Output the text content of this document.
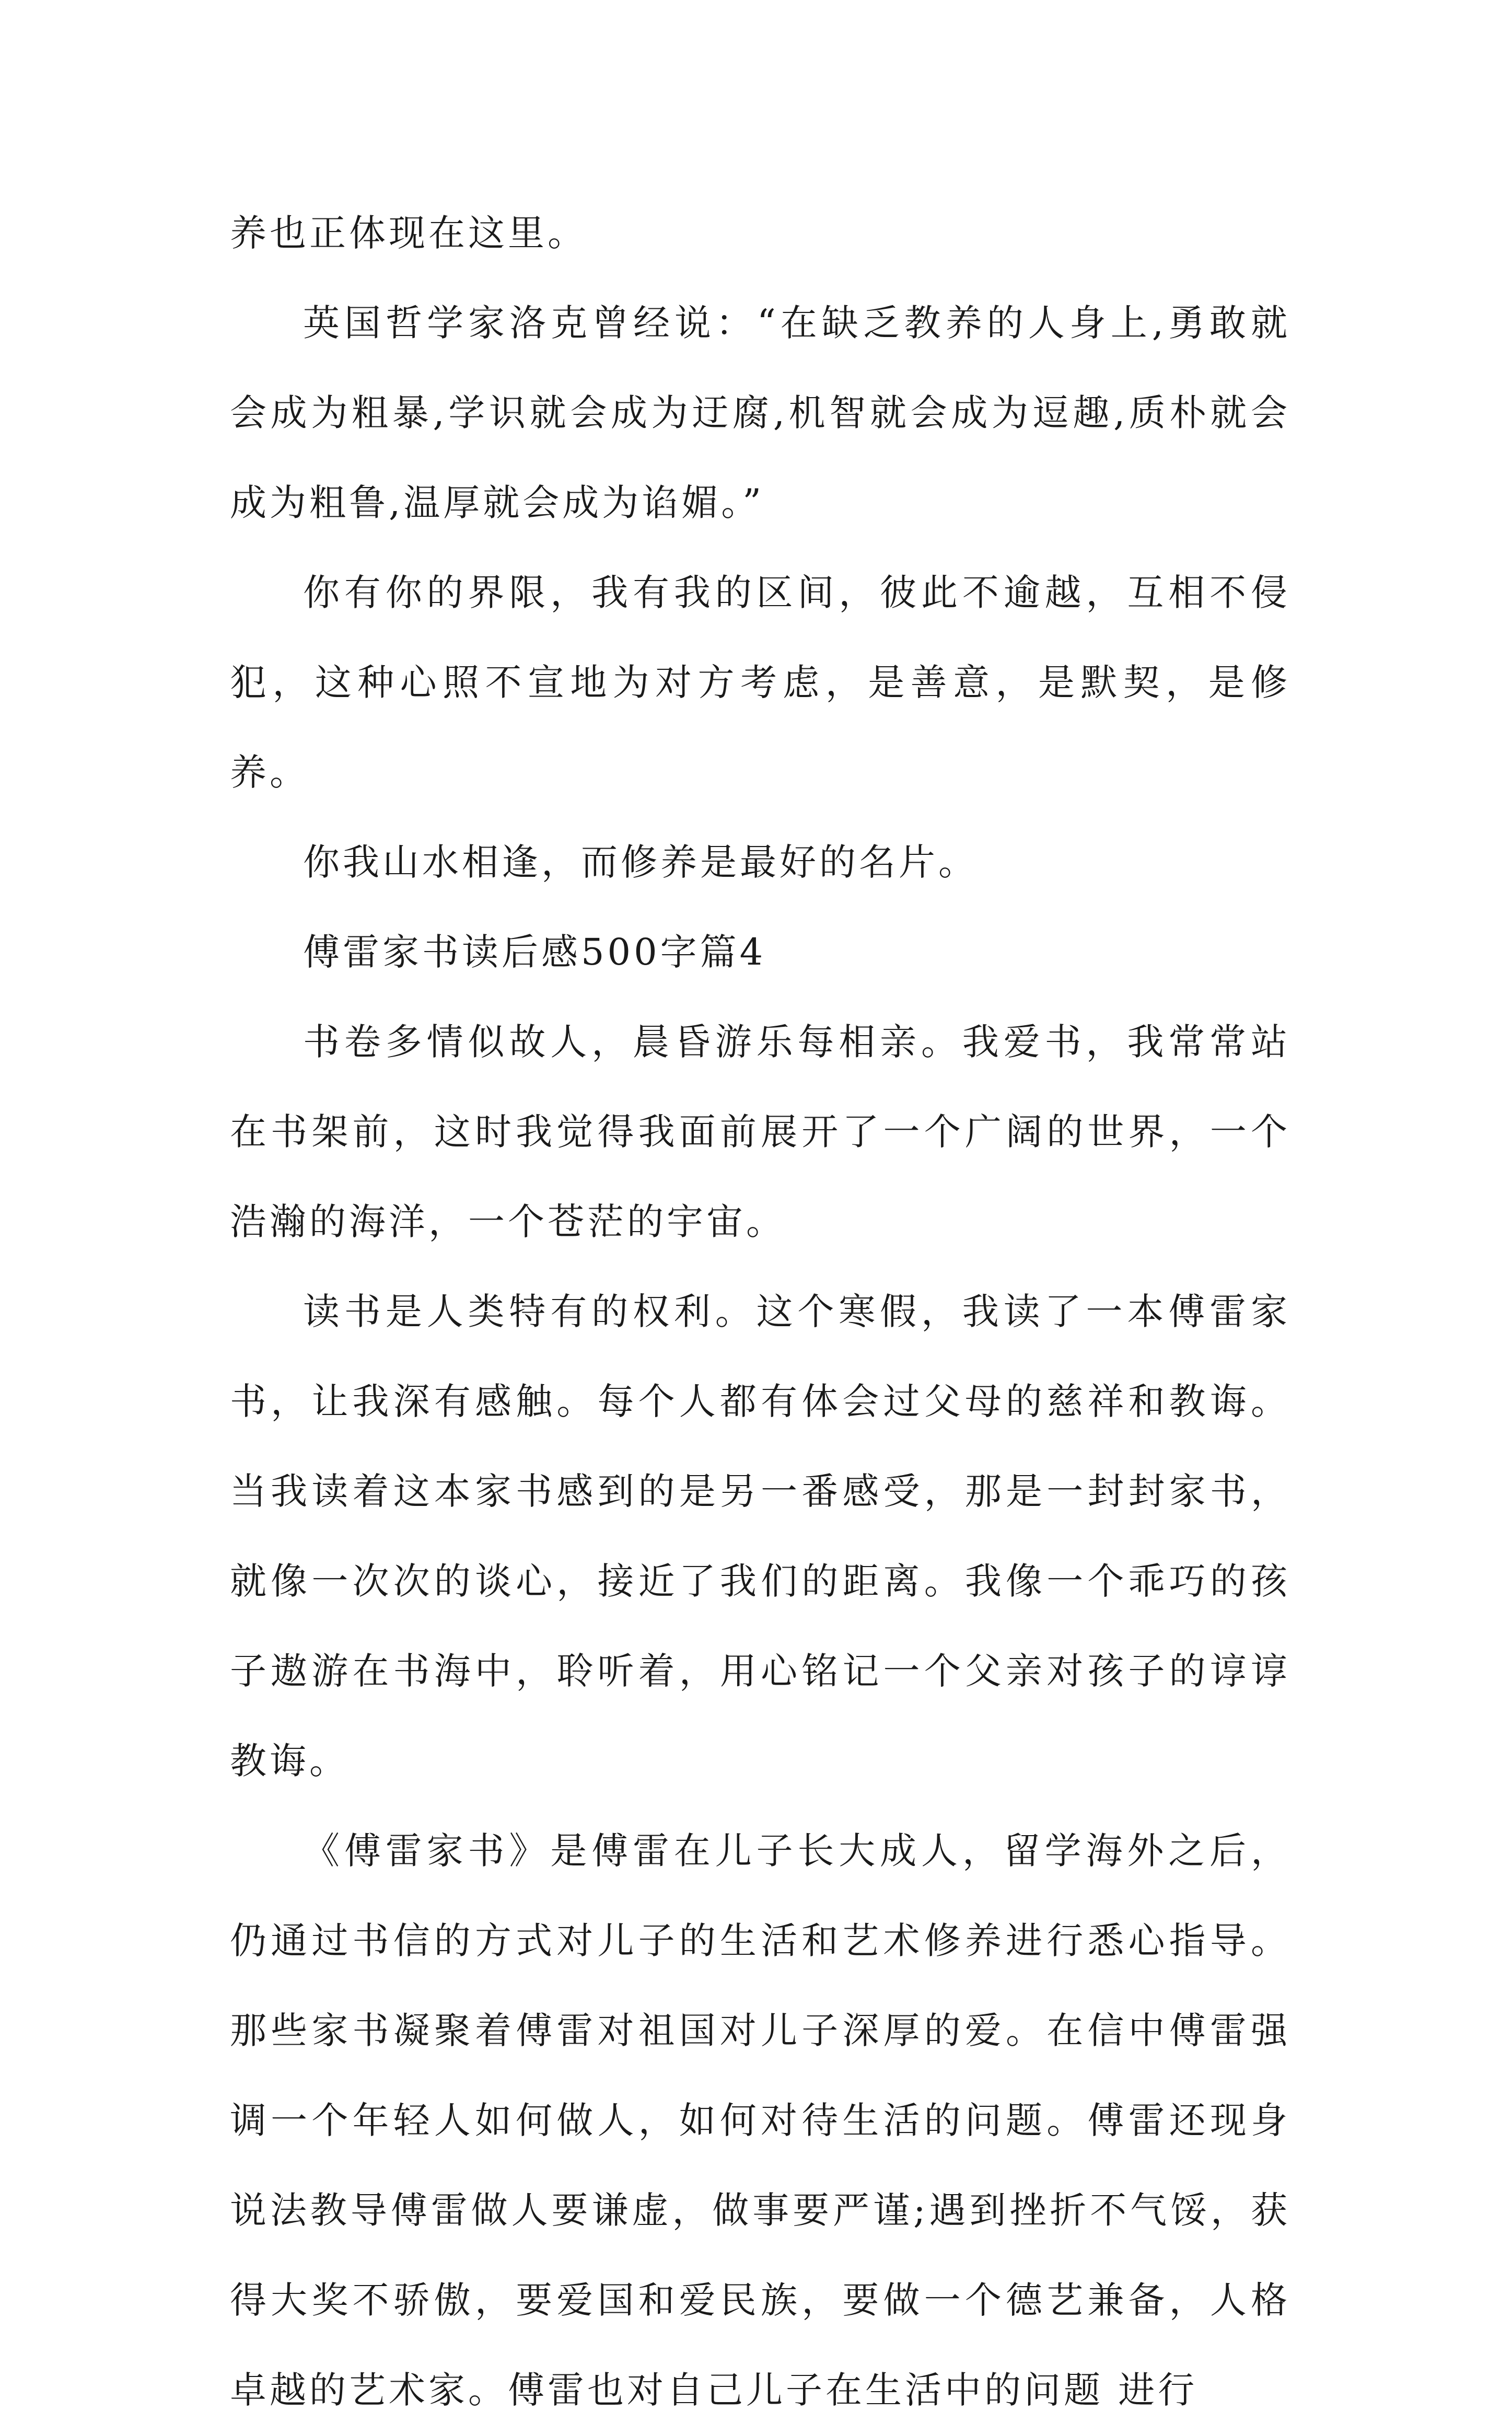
养也正体现在这里。

英国哲学家洛克曾经说：“在缺乏教养的人身上,勇敢就会成为粗暴,学识就会成为迂腐,机智就会成为逗趣,质朴就会成为粗鲁,温厚就会成为谄媚。”

你有你的界限，我有我的区间，彼此不逾越，互相不侵犯，这种心照不宣地为对方考虑，是善意，是默契，是修养。

你我山水相逢，而修养是最好的名片。

傅雷家书读后感500字篇4

书卷多情似故人，晨昏游乐每相亲。我爱书，我常常站在书架前，这时我觉得我面前展开了一个广阔的世界，一个浩瀚的海洋，一个苍茫的宇宙。

读书是人类特有的权利。这个寒假，我读了一本傅雷家书，让我深有感触。每个人都有体会过父母的慈祥和教诲。当我读着这本家书感到的是另一番感受，那是一封封家书，就像一次次的谈心，接近了我们的距离。我像一个乖巧的孩子遨游在书海中，聆听着，用心铭记一个父亲对孩子的谆谆教诲。

《傅雷家书》是傅雷在儿子长大成人，留学海外之后，仍通过书信的方式对儿子的生活和艺术修养进行悉心指导。那些家书凝聚着傅雷对祖国对儿子深厚的爱。在信中傅雷强调一个年轻人如何做人，如何对待生活的问题。傅雷还现身说法教导傅雷做人要谦虚，做事要严谨;遇到挫折不气馁，获得大奖不骄傲，要爱国和爱民族，要做一个德艺兼备，人格卓越的艺术家。傅雷也对自己儿子在生活中的问题 进行
